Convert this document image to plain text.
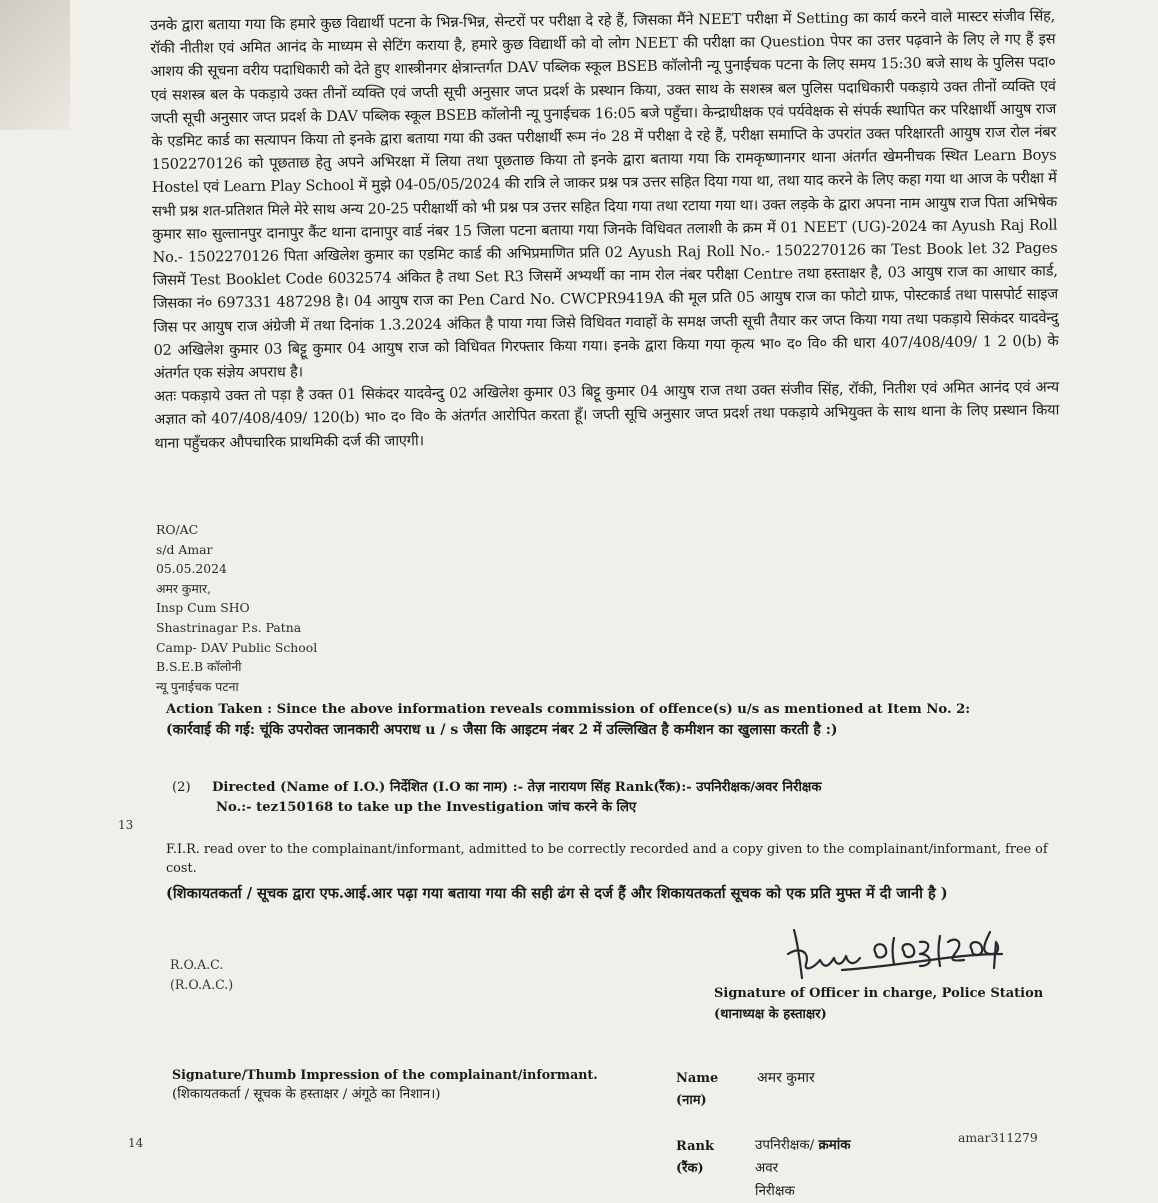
उनके द्वारा बताया गया कि हमारे कुछ विद्यार्थी पटना के भिन्न-भिन्न, सेन्टरों पर परीक्षा दे रहे हैं, जिसका मैंने NEET परीक्षा में Setting का कार्य करने वाले मास्टर संजीव सिंह, रॉकी नीतीश एवं अमित आनंद के माध्यम से सेटिंग कराया है, हमारे कुछ विद्यार्थी को वो लोग NEET की परीक्षा का Question पेपर का उत्तर पढ़वाने के लिए ले गए हैं इस आशय की सूचना वरीय पदाधिकारी को देते हुए शास्त्रीनगर क्षेत्रान्तर्गत DAV पब्लिक स्कूल BSEB कॉलोनी न्यू पुनाईचक पटना के लिए समय 15:30 बजे साथ के पुलिस पदा० एवं सशस्त्र बल के पकड़ाये उक्त तीनों व्यक्ति एवं जप्ती सूची अनुसार जप्त प्रदर्श के प्रस्थान किया, उक्त साथ के सशस्त्र बल पुलिस पदाधिकारी पकड़ाये उक्त तीनों व्यक्ति एवं जप्ती सूची अनुसार जप्त प्रदर्श के DAV पब्लिक स्कूल BSEB कॉलोनी न्यू पुनाईचक 16:05 बजे पहुँचा। केन्द्राधीक्षक एवं पर्यवेक्षक से संपर्क स्थापित कर परिक्षार्थी आयुष राज के एडमिट कार्ड का सत्यापन किया तो इनके द्वारा बताया गया की उक्त परीक्षार्थी रूम नं० 28 में परीक्षा दे रहे हैं, परीक्षा समाप्ति के उपरांत उक्त परिक्षारती आयुष राज रोल नंबर 1502270126 को पूछताछ हेतु अपने अभिरक्षा में लिया तथा पूछताछ किया तो इनके द्वारा बताया गया कि रामकृष्णानगर थाना अंतर्गत खेमनीचक स्थित Learn Boys Hostel एवं Learn Play School में मुझे 04-05/05/2024 की रात्रि ले जाकर प्रश्न पत्र उत्तर सहित दिया गया था, तथा याद करने के लिए कहा गया था आज के परीक्षा में सभी प्रश्न शत-प्रतिशत मिले मेरे साथ अन्य 20-25 परीक्षार्थी को भी प्रश्न पत्र उत्तर सहित दिया गया तथा रटाया गया था। उक्त लड़के के द्वारा अपना नाम आयुष राज पिता अभिषेक कुमार सा० सुल्तानपुर दानापुर कैंट थाना दानापुर वार्ड नंबर 15 जिला पटना बताया गया जिनके विधिवत तलाशी के क्रम में 01 NEET (UG)-2024 का Ayush Raj Roll No.- 1502270126 पिता अखिलेश कुमार का एडमिट कार्ड की अभिप्रमाणित प्रति 02 Ayush Raj Roll No.- 1502270126 का Test Book let 32 Pages जिसमें Test Booklet Code 6032574 अंकित है तथा Set R3 जिसमें अभ्यर्थी का नाम रोल नंबर परीक्षा Centre तथा हस्ताक्षर है, 03 आयुष राज का आधार कार्ड, जिसका नं० 697331 487298 है। 04 आयुष राज का Pen Card No. CWCPR9419A की मूल प्रति 05 आयुष राज का फोटो ग्राफ, पोस्टकार्ड तथा पासपोर्ट साइज जिस पर आयुष राज अंग्रेजी में तथा दिनांक 1.3.2024 अंकित है पाया गया जिसे विधिवत गवाहों के समक्ष जप्ती सूची तैयार कर जप्त किया गया तथा पकड़ाये सिकंदर यादवेन्दु 02 अखिलेश कुमार 03 बिट्टू कुमार 04 आयुष राज को विधिवत गिरफ्तार किया गया। इनके द्वारा किया गया कृत्य भा० द० वि० की धारा 407/408/409/ 1 2 0(b) के अंतर्गत एक संज्ञेय अपराध है।

अतः पकड़ाये उक्त तो पड़ा है उक्त 01 सिकंदर यादवेन्दु 02 अखिलेश कुमार 03 बिट्टू कुमार 04 आयुष राज तथा उक्त संजीव सिंह, रॉकी, नितीश एवं अमित आनंद एवं अन्य अज्ञात को 407/408/409/ 120(b) भा० द० वि० के अंतर्गत आरोपित करता हूँ। जप्ती सूचि अनुसार जप्त प्रदर्श तथा पकड़ाये अभियुक्त के साथ थाना के लिए प्रस्थान किया थाना पहुँचकर औपचारिक प्राथमिकी दर्ज की जाएगी।

RO/AC
s/d Amar
05.05.2024
अमर कुमार,
Insp Cum SHO
Shastrinagar P.s. Patna
Camp- DAV Public School
B.S.E.B कॉलोनी
न्यू पुनाईचक पटना
Action Taken : Since the above information reveals commission of offence(s) u/s as mentioned at Item No. 2:
(कार्रवाई की गई: चूंकि उपरोक्त जानकारी अपराध u / s जैसा कि आइटम नंबर 2 में उल्लिखित है कमीशन का खुलासा करती है :)
(2) Directed (Name of I.O.) निर्देशित (I.O का नाम) :- तेज़ नारायण सिंह Rank(रैंक):- उपनिरीक्षक/अवर निरीक्षक
No.:- tez150168 to take up the Investigation जांच करने के लिए
13
14
F.I.R. read over to the complainant/informant, admitted to be correctly recorded and a copy given to the complainant/informant, free of cost.
(शिकायतकर्ता / सूचक द्वारा एफ.आई.आर पढ़ा गया बताया गया की सही ढंग से दर्ज हैं और शिकायतकर्ता सूचक को एक प्रति मुफ्त में दी जानी है )
R.O.A.C.
(R.O.A.C.)
Amar 05|05|2024
Signature of Officer in charge, Police Station
(थानाध्यक्ष के हस्ताक्षर)
Signature/Thumb Impression of the complainant/informant.
(शिकायतकर्ता / सूचक के हस्ताक्षर / अंगूठे का निशान।)
Name
(नाम)
अमर कुमार
Rank
(रैंक)
उपनिरीक्षक/ क्रमांक
अवर
निरीक्षक
amar311279
